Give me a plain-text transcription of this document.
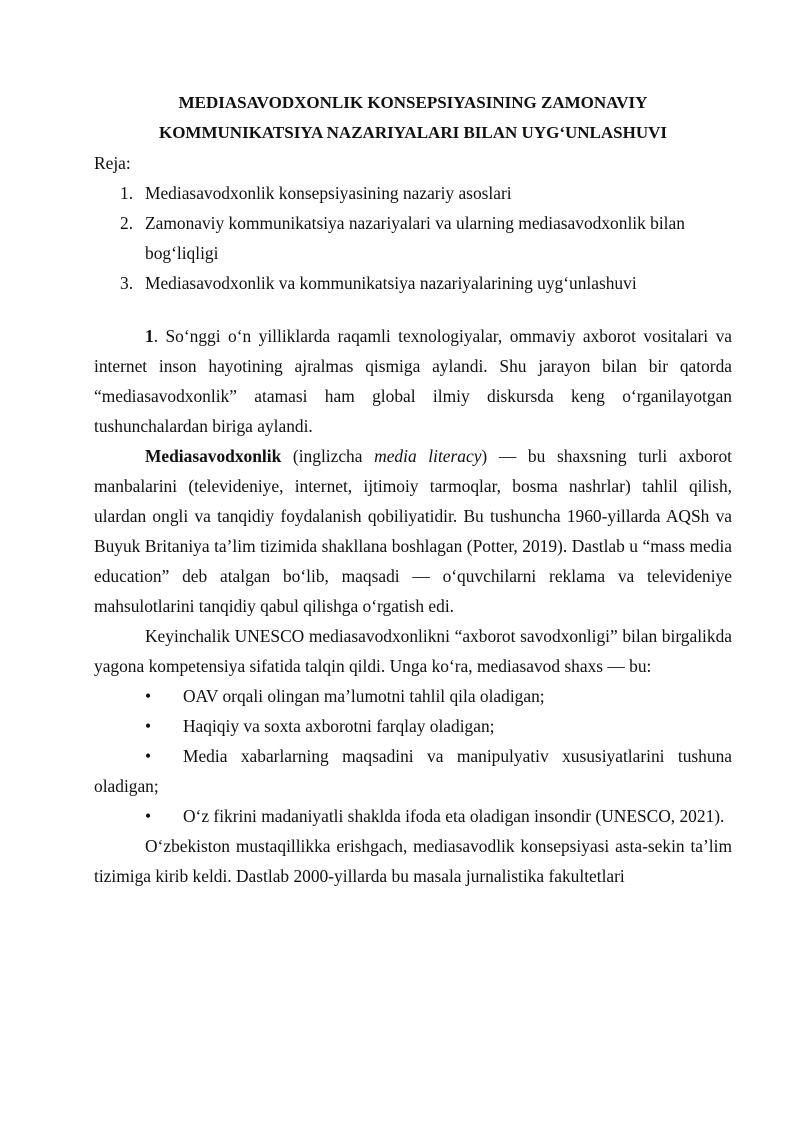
MEDIASAVODXONLIK KONSEPSIYASINING ZAMONAVIY
KOMMUNIKATSIYA NAZARIYALARI BILAN UYG‘UNLASHUVI

Reja:

1. Mediasavodxonlik konsepsiyasining nazariy asoslari
2. Zamonaviy kommunikatsiya nazariyalari va ularning mediasavodxonlik bilan bog‘liqligi
3. Mediasavodxonlik va kommunikatsiya nazariyalarining uyg‘unlashuvi

1. So‘nggi o‘n yilliklarda raqamli texnologiyalar, ommaviy axborot vositalari va internet inson hayotining ajralmas qismiga aylandi. Shu jarayon bilan bir qatorda “mediasavodxonlik” atamasi ham global ilmiy diskursda keng o‘rganilayotgan tushunchalardan biriga aylandi.

Mediasavodxonlik (inglizcha media literacy) — bu shaxsning turli axborot manbalarini (televideniye, internet, ijtimoiy tarmoqlar, bosma nashrlar) tahlil qilish, ulardan ongli va tanqidiy foydalanish qobiliyatidir. Bu tushuncha 1960-yillarda AQSh va Buyuk Britaniya ta’lim tizimida shakllana boshlagan (Potter, 2019). Dastlab u “mass media education” deb atalgan bo‘lib, maqsadi — o‘quvchilarni reklama va televideniye mahsulotlarini tanqidiy qabul qilishga o‘rgatish edi.

Keyinchalik UNESCO mediasavodxonlikni “axborot savodxonligi” bilan birgalikda yagona kompetensiya sifatida talqin qildi. Unga ko‘ra, mediasavod shaxs — bu:

• OAV orqali olingan ma’lumotni tahlil qila oladigan;
• Haqiqiy va soxta axborotni farqlay oladigan;
• Media xabarlarning maqsadini va manipulyativ xususiyatlarini tushuna oladigan;
• O‘z fikrini madaniyatli shaklda ifoda eta oladigan insondir (UNESCO, 2021).

O‘zbekiston mustaqillikka erishgach, mediasavodlik konsepsiyasi asta-sekin ta’lim tizimiga kirib keldi. Dastlab 2000-yillarda bu masala jurnalistika fakultetlari
